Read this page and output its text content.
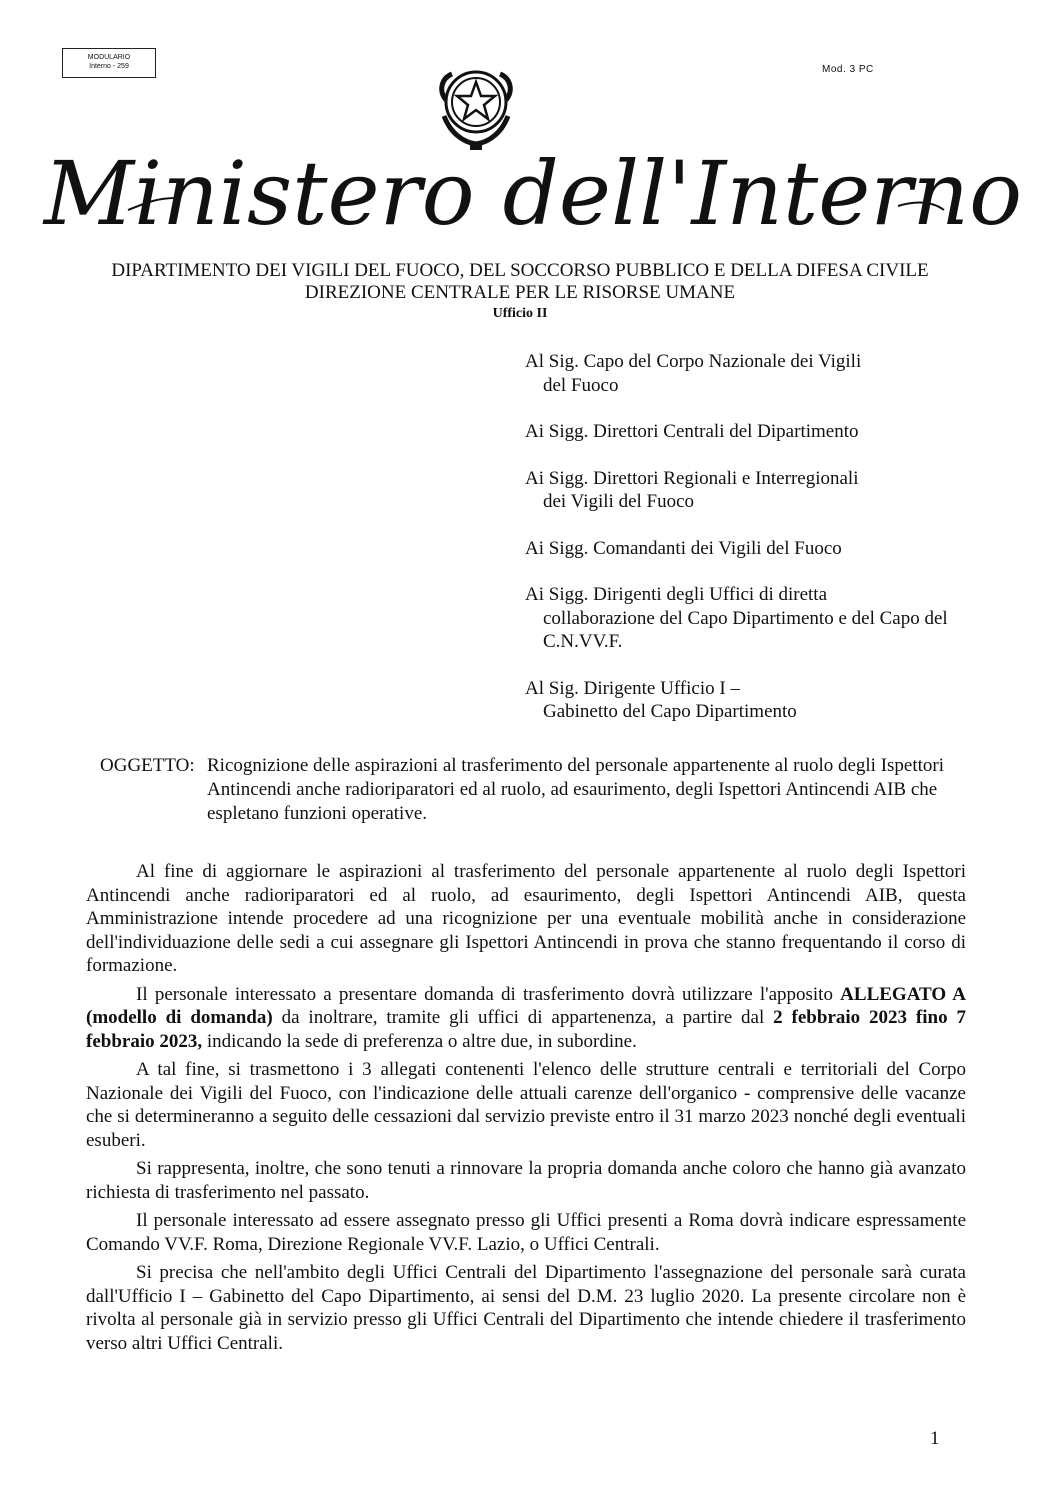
MODULARIO
Interno - 259	Mod. 3 PC
Ministero dell'Interno
DIPARTIMENTO DEI VIGILI DEL FUOCO, DEL SOCCORSO PUBBLICO E DELLA DIFESA CIVILE
DIREZIONE CENTRALE PER LE RISORSE UMANE
Ufficio II
Al Sig. Capo del Corpo Nazionale dei Vigili
del Fuoco
Ai Sigg. Direttori Centrali del Dipartimento
Ai Sigg. Direttori Regionali e Interregionali
dei Vigili del Fuoco
Ai Sigg. Comandanti dei Vigili del Fuoco
Ai Sigg. Dirigenti degli Uffici di diretta
collaborazione del Capo Dipartimento e del Capo del C.N.VV.F.
Al Sig. Dirigente Ufficio I –
Gabinetto del Capo Dipartimento
OGGETTO: Ricognizione delle aspirazioni al trasferimento del personale appartenente al ruolo degli Ispettori Antincendi anche radioriparatori ed al ruolo, ad esaurimento, degli Ispettori Antincendi AIB che espletano funzioni operative.

Al fine di aggiornare le aspirazioni al trasferimento del personale appartenente al ruolo degli Ispettori Antincendi anche radioriparatori ed al ruolo, ad esaurimento, degli Ispettori Antincendi AIB, questa Amministrazione intende procedere ad una ricognizione per una eventuale mobilità anche in considerazione dell'individuazione delle sedi a cui assegnare gli Ispettori Antincendi in prova che stanno frequentando il corso di formazione.

Il personale interessato a presentare domanda di trasferimento dovrà utilizzare l'apposito ALLEGATO A (modello di domanda) da inoltrare, tramite gli uffici di appartenenza, a partire dal 2 febbraio 2023 fino 7 febbraio 2023, indicando la sede di preferenza o altre due, in subordine.

A tal fine, si trasmettono i 3 allegati contenenti l'elenco delle strutture centrali e territoriali del Corpo Nazionale dei Vigili del Fuoco, con l'indicazione delle attuali carenze dell'organico - comprensive delle vacanze che si determineranno a seguito delle cessazioni dal servizio previste entro il 31 marzo 2023 nonché degli eventuali esuberi.

Si rappresenta, inoltre, che sono tenuti a rinnovare la propria domanda anche coloro che hanno già avanzato richiesta di trasferimento nel passato.

Il personale interessato ad essere assegnato presso gli Uffici presenti a Roma dovrà indicare espressamente Comando VV.F. Roma, Direzione Regionale VV.F. Lazio, o Uffici Centrali.

Si precisa che nell'ambito degli Uffici Centrali del Dipartimento l'assegnazione del personale sarà curata dall'Ufficio I – Gabinetto del Capo Dipartimento, ai sensi del D.M. 23 luglio 2020. La presente circolare non è rivolta al personale già in servizio presso gli Uffici Centrali del Dipartimento che intende chiedere il trasferimento verso altri Uffici Centrali.

1
